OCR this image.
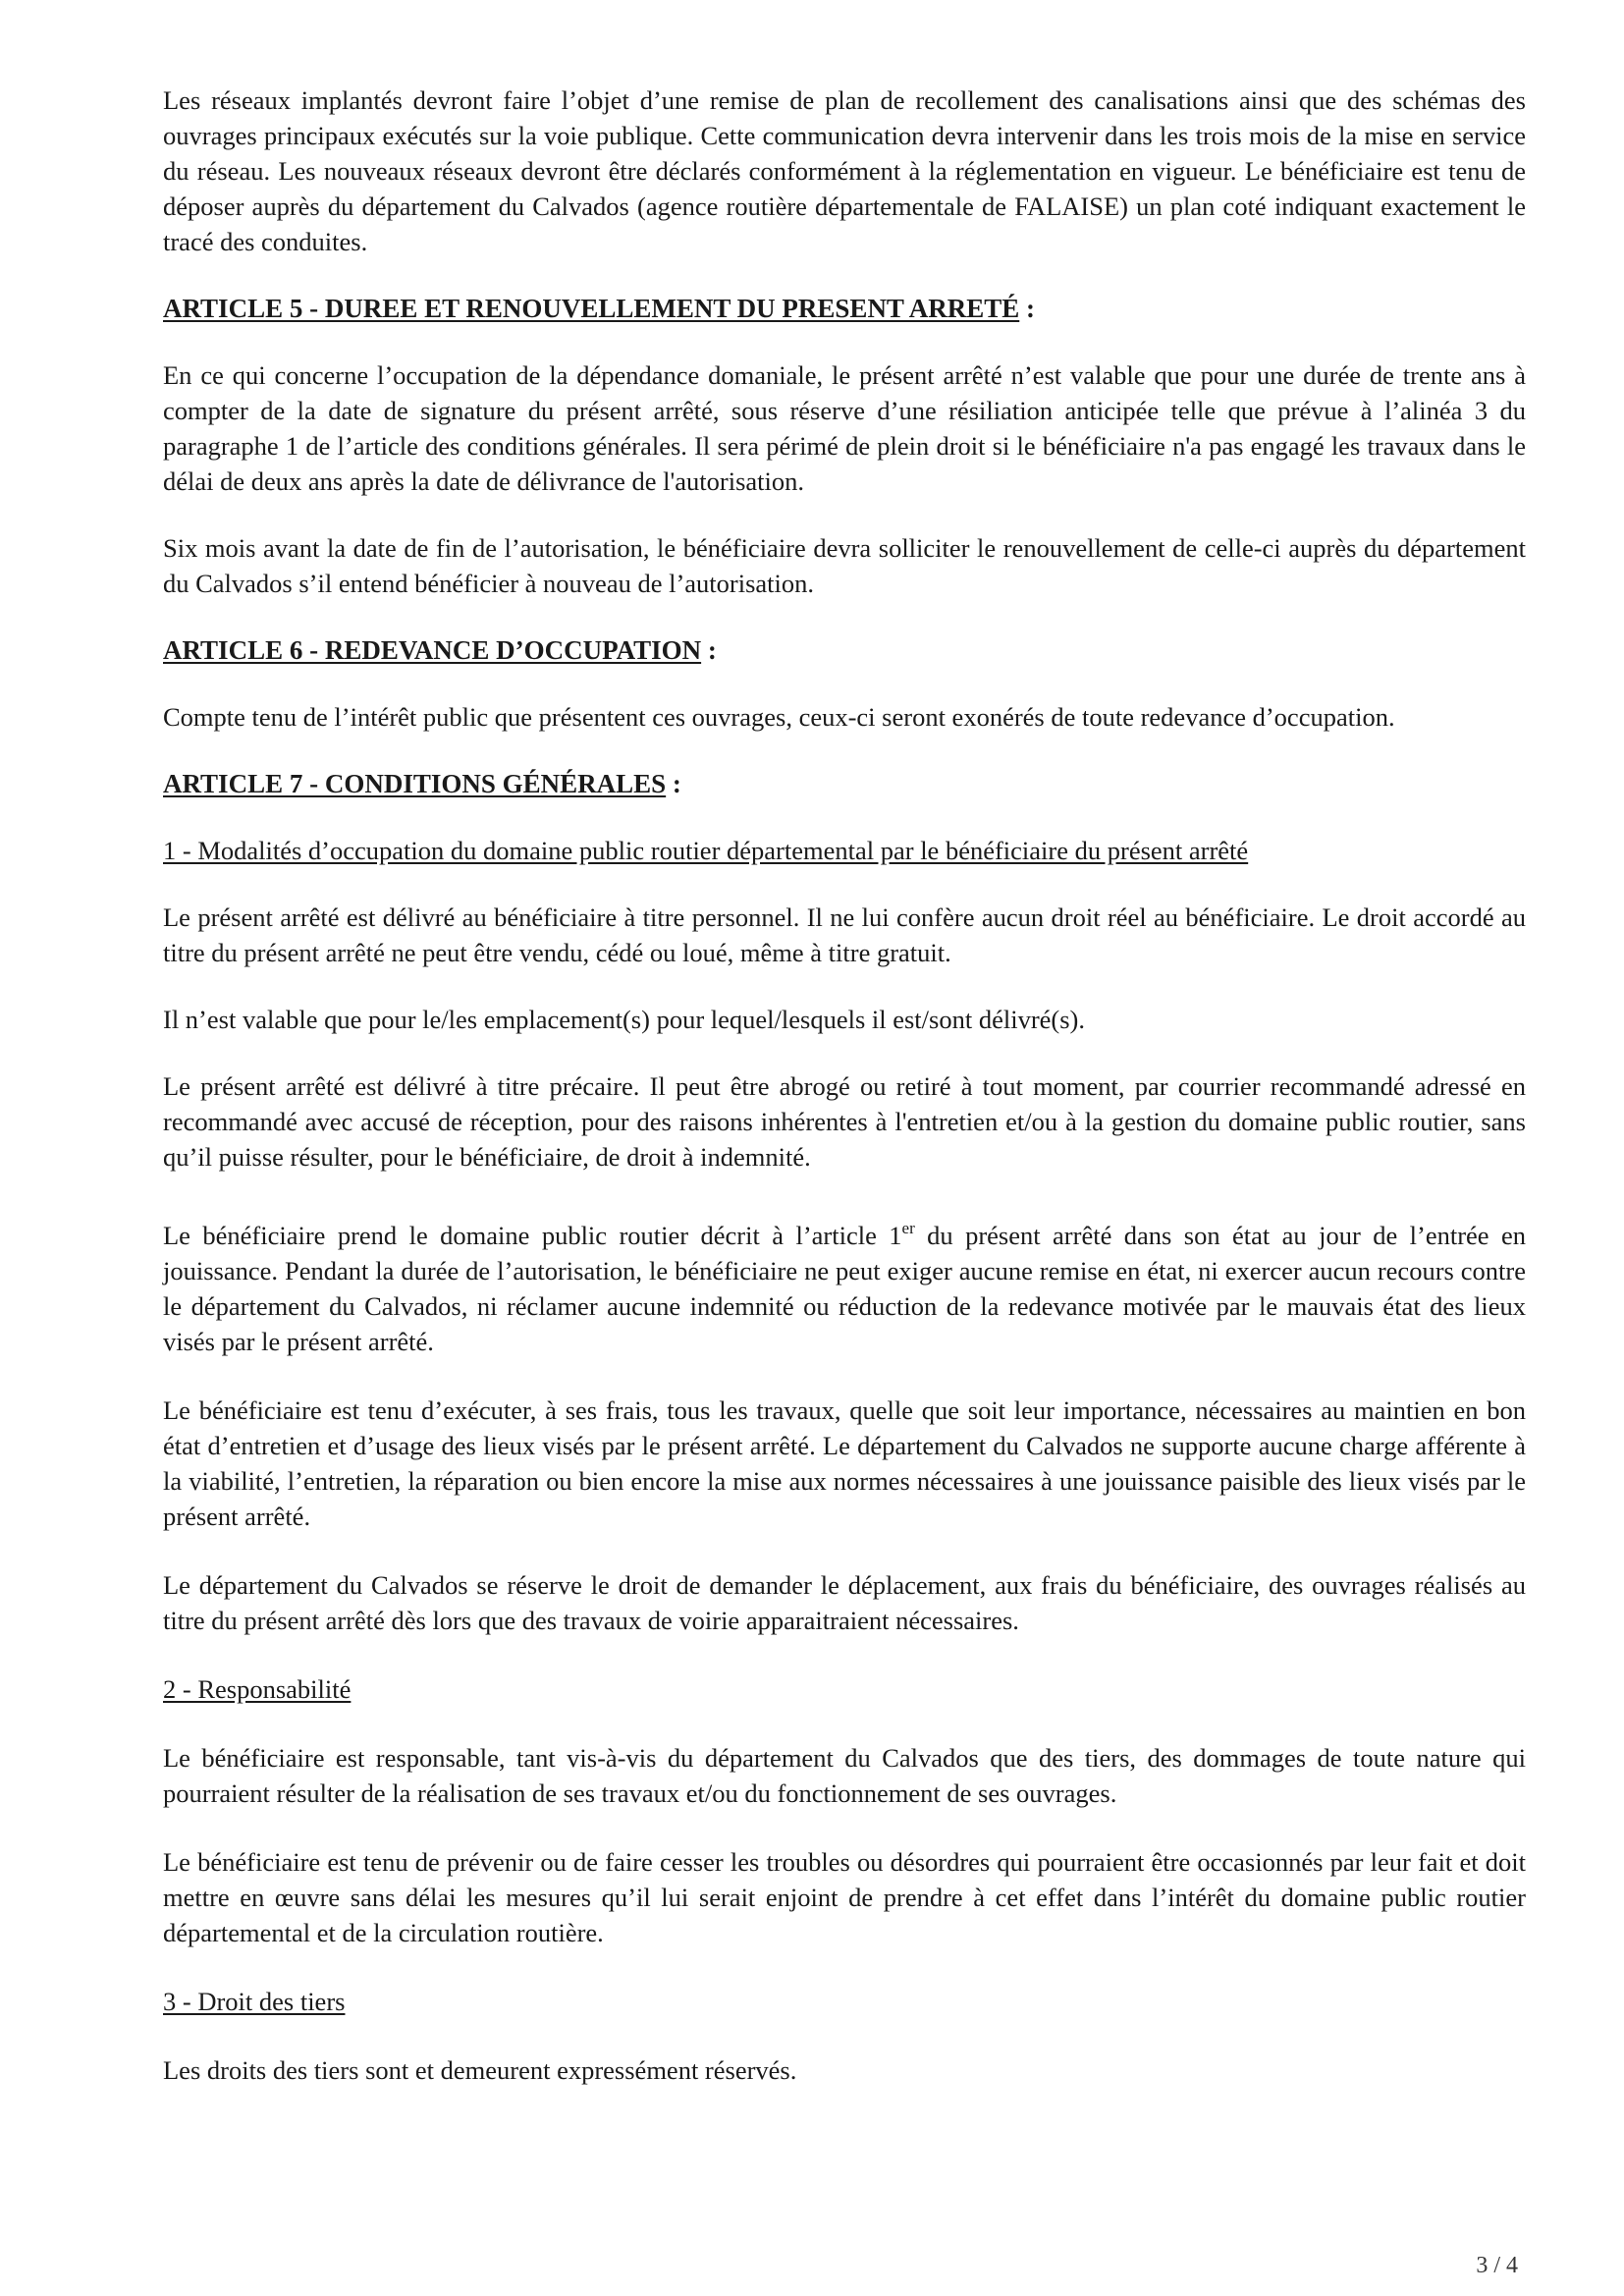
Les réseaux implantés devront faire l’objet d’une remise de plan de recollement des canalisations ainsi que des schémas des ouvrages principaux exécutés sur la voie publique. Cette communication devra intervenir dans les trois mois de la mise en service du réseau. Les nouveaux réseaux devront être déclarés conformément à la réglementation en vigueur. Le bénéficiaire est tenu de déposer auprès du département du Calvados (agence routière départementale de FALAISE) un plan coté indiquant exactement le tracé des conduites.

ARTICLE 5 - DUREE ET RENOUVELLEMENT DU PRESENT ARRETÉ :

En ce qui concerne l’occupation de la dépendance domaniale, le présent arrêté n’est valable que pour une durée de trente ans à compter de la date de signature du présent arrêté, sous réserve d’une résiliation anticipée telle que prévue à l’alinéa 3 du paragraphe 1 de l’article des conditions générales. Il sera périmé de plein droit si le bénéficiaire n'a pas engagé les travaux dans le délai de deux ans après la date de délivrance de l'autorisation.

Six mois avant la date de fin de l’autorisation, le bénéficiaire devra solliciter le renouvellement de celle-ci auprès du département du Calvados s’il entend bénéficier à nouveau de l’autorisation.

ARTICLE 6 - REDEVANCE D’OCCUPATION :

Compte tenu de l’intérêt public que présentent ces ouvrages, ceux-ci seront exonérés de toute redevance d’occupation.

ARTICLE 7 - CONDITIONS GÉNÉRALES :

1 - Modalités d’occupation du domaine public routier départemental par le bénéficiaire du présent arrêté

Le présent arrêté est délivré au bénéficiaire à titre personnel. Il ne lui confère aucun droit réel au bénéficiaire. Le droit accordé au titre du présent arrêté ne peut être vendu, cédé ou loué, même à titre gratuit.

Il n’est valable que pour le/les emplacement(s) pour lequel/lesquels il est/sont délivré(s).

Le présent arrêté est délivré à titre précaire. Il peut être abrogé ou retiré à tout moment, par courrier recommandé adressé en recommandé avec accusé de réception, pour des raisons inhérentes à l'entretien et/ou à la gestion du domaine public routier, sans qu’il puisse résulter, pour le bénéficiaire, de droit à indemnité.

Le bénéficiaire prend le domaine public routier décrit à l’article 1er du présent arrêté dans son état au jour de l’entrée en jouissance. Pendant la durée de l’autorisation, le bénéficiaire ne peut exiger aucune remise en état, ni exercer aucun recours contre le département du Calvados, ni réclamer aucune indemnité ou réduction de la redevance motivée par le mauvais état des lieux visés par le présent arrêté.

Le bénéficiaire est tenu d’exécuter, à ses frais, tous les travaux, quelle que soit leur importance, nécessaires au maintien en bon état d’entretien et d’usage des lieux visés par le présent arrêté. Le département du Calvados ne supporte aucune charge afférente à la viabilité, l’entretien, la réparation ou bien encore la mise aux normes nécessaires à une jouissance paisible des lieux visés par le présent arrêté.

Le département du Calvados se réserve le droit de demander le déplacement, aux frais du bénéficiaire, des ouvrages réalisés au titre du présent arrêté dès lors que des travaux de voirie apparaitraient nécessaires.

2 - Responsabilité

Le bénéficiaire est responsable, tant vis-à-vis du département du Calvados que des tiers, des dommages de toute nature qui pourraient résulter de la réalisation de ses travaux et/ou du fonctionnement de ses ouvrages.

Le bénéficiaire est tenu de prévenir ou de faire cesser les troubles ou désordres qui pourraient être occasionnés par leur fait et doit mettre en œuvre sans délai les mesures qu’il lui serait enjoint de prendre à cet effet dans l’intérêt du domaine public routier départemental et de la circulation routière.

3 - Droit des tiers

Les droits des tiers sont et demeurent expressément réservés.

3 / 4
